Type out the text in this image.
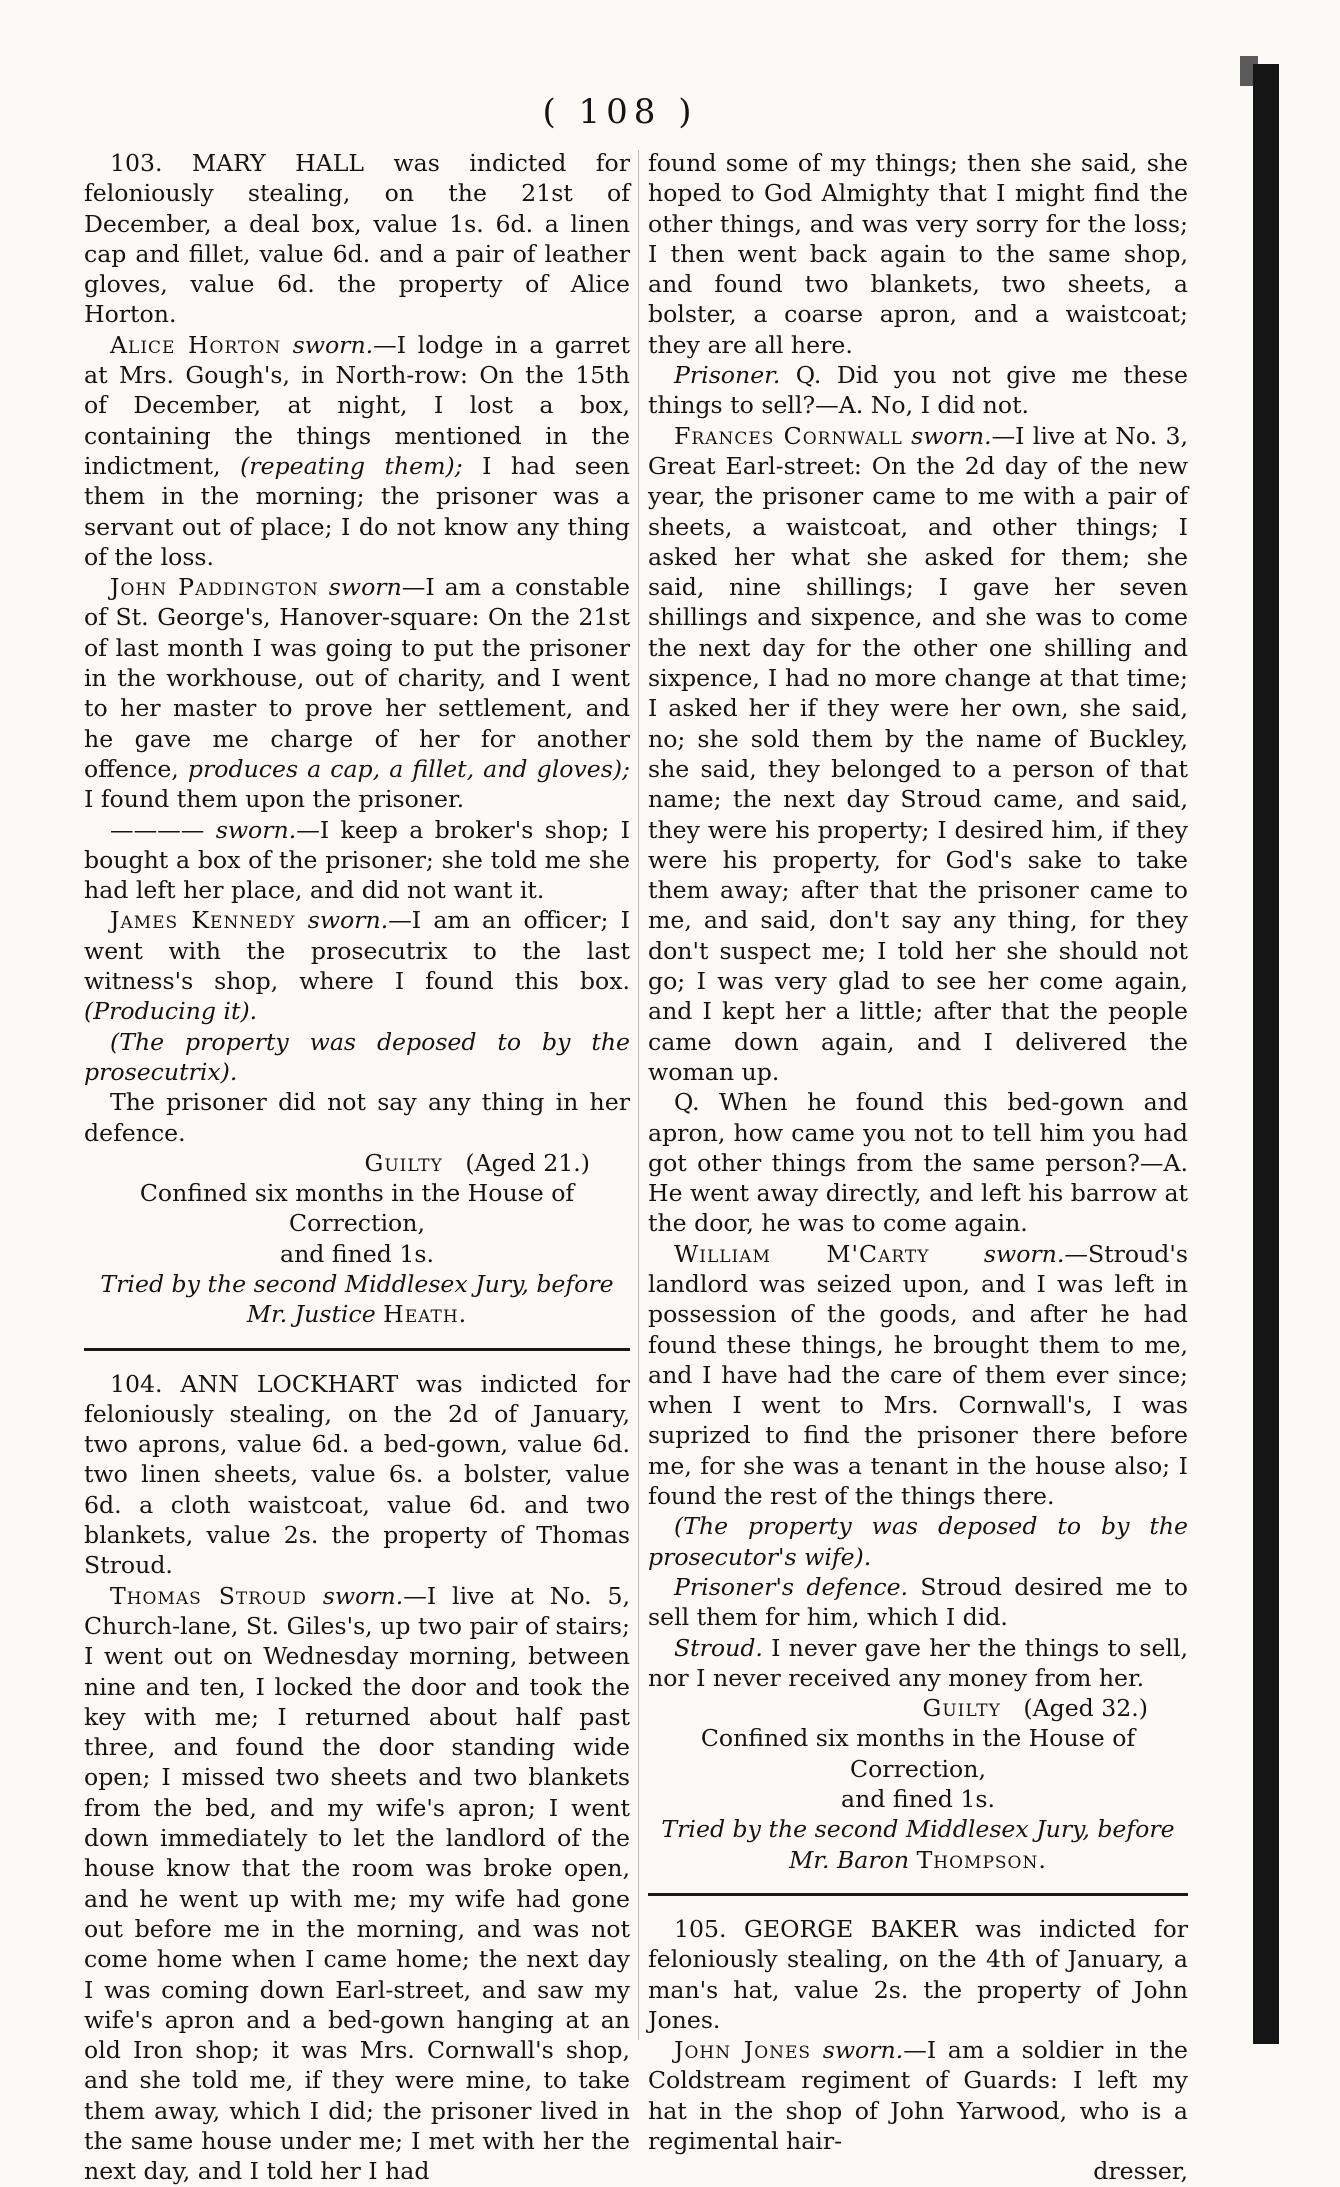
( 108 )

103. MARY HALL was indicted for feloniously stealing, on the 21st of December, a deal box, value 1s. 6d. a linen cap and fillet, value 6d. and a pair of leather gloves, value 6d. the property of Alice Horton.

Alice Horton sworn.—I lodge in a garret at Mrs. Gough's, in North-row: On the 15th of December, at night, I lost a box, containing the things mentioned in the indictment, (repeating them); I had seen them in the morning; the prisoner was a servant out of place; I do not know any thing of the loss.

John Paddington sworn—I am a constable of St. George's, Hanover-square: On the 21st of last month I was going to put the prisoner in the workhouse, out of charity, and I went to her master to prove her settlement, and he gave me charge of her for another offence, produces a cap, a fillet, and gloves); I found them upon the prisoner.

———— sworn.—I keep a broker's shop; I bought a box of the prisoner; she told me she had left her place, and did not want it.

James Kennedy sworn.—I am an officer; I went with the prosecutrix to the last witness's shop, where I found this box. (Producing it).

(The property was deposed to by the prosecutrix).

The prisoner did not say any thing in her defence.

Guilty (Aged 21.)

Confined six months in the House of Correction,

and fined 1s.

Tried by the second Middlesex Jury, before

Mr. Justice Heath.

104. ANN LOCKHART was indicted for feloniously stealing, on the 2d of January, two aprons, value 6d. a bed-gown, value 6d. two linen sheets, value 6s. a bolster, value 6d. a cloth waistcoat, value 6d. and two blankets, value 2s. the property of Thomas Stroud.

Thomas Stroud sworn.—I live at No. 5, Church-lane, St. Giles's, up two pair of stairs; I went out on Wednesday morning, between nine and ten, I locked the door and took the key with me; I returned about half past three, and found the door standing wide open; I missed two sheets and two blankets from the bed, and my wife's apron; I went down immediately to let the landlord of the house know that the room was broke open, and he went up with me; my wife had gone out before me in the morning, and was not come home when I came home; the next day I was coming down Earl-street, and saw my wife's apron and a bed-gown hanging at an old Iron shop; it was Mrs. Cornwall's shop, and she told me, if they were mine, to take them away, which I did; the prisoner lived in the same house under me; I met with her the next day, and I told her I had

found some of my things; then she said, she hoped to God Almighty that I might find the other things, and was very sorry for the loss; I then went back again to the same shop, and found two blankets, two sheets, a bolster, a coarse apron, and a waistcoat; they are all here.

Prisoner. Q. Did you not give me these things to sell?—A. No, I did not.

Frances Cornwall sworn.—I live at No. 3, Great Earl-street: On the 2d day of the new year, the prisoner came to me with a pair of sheets, a waistcoat, and other things; I asked her what she asked for them; she said, nine shillings; I gave her seven shillings and sixpence, and she was to come the next day for the other one shilling and sixpence, I had no more change at that time; I asked her if they were her own, she said, no; she sold them by the name of Buckley, she said, they belonged to a person of that name; the next day Stroud came, and said, they were his property; I desired him, if they were his property, for God's sake to take them away; after that the prisoner came to me, and said, don't say any thing, for they don't suspect me; I told her she should not go; I was very glad to see her come again, and I kept her a little; after that the people came down again, and I delivered the woman up.

Q. When he found this bed-gown and apron, how came you not to tell him you had got other things from the same person?—A. He went away directly, and left his barrow at the door, he was to come again.

William M'Carty sworn.—Stroud's landlord was seized upon, and I was left in possession of the goods, and after he had found these things, he brought them to me, and I have had the care of them ever since; when I went to Mrs. Cornwall's, I was suprized to find the prisoner there before me, for she was a tenant in the house also; I found the rest of the things there.

(The property was deposed to by the prosecutor's wife).

Prisoner's defence. Stroud desired me to sell them for him, which I did.

Stroud. I never gave her the things to sell, nor I never received any money from her.

Guilty (Aged 32.)

Confined six months in the House of Correction,

and fined 1s.

Tried by the second Middlesex Jury, before

Mr. Baron Thompson.

105. GEORGE BAKER was indicted for feloniously stealing, on the 4th of January, a man's hat, value 2s. the property of John Jones.

John Jones sworn.—I am a soldier in the Coldstream regiment of Guards: I left my hat in the shop of John Yarwood, who is a regimental hair-

dresser,
